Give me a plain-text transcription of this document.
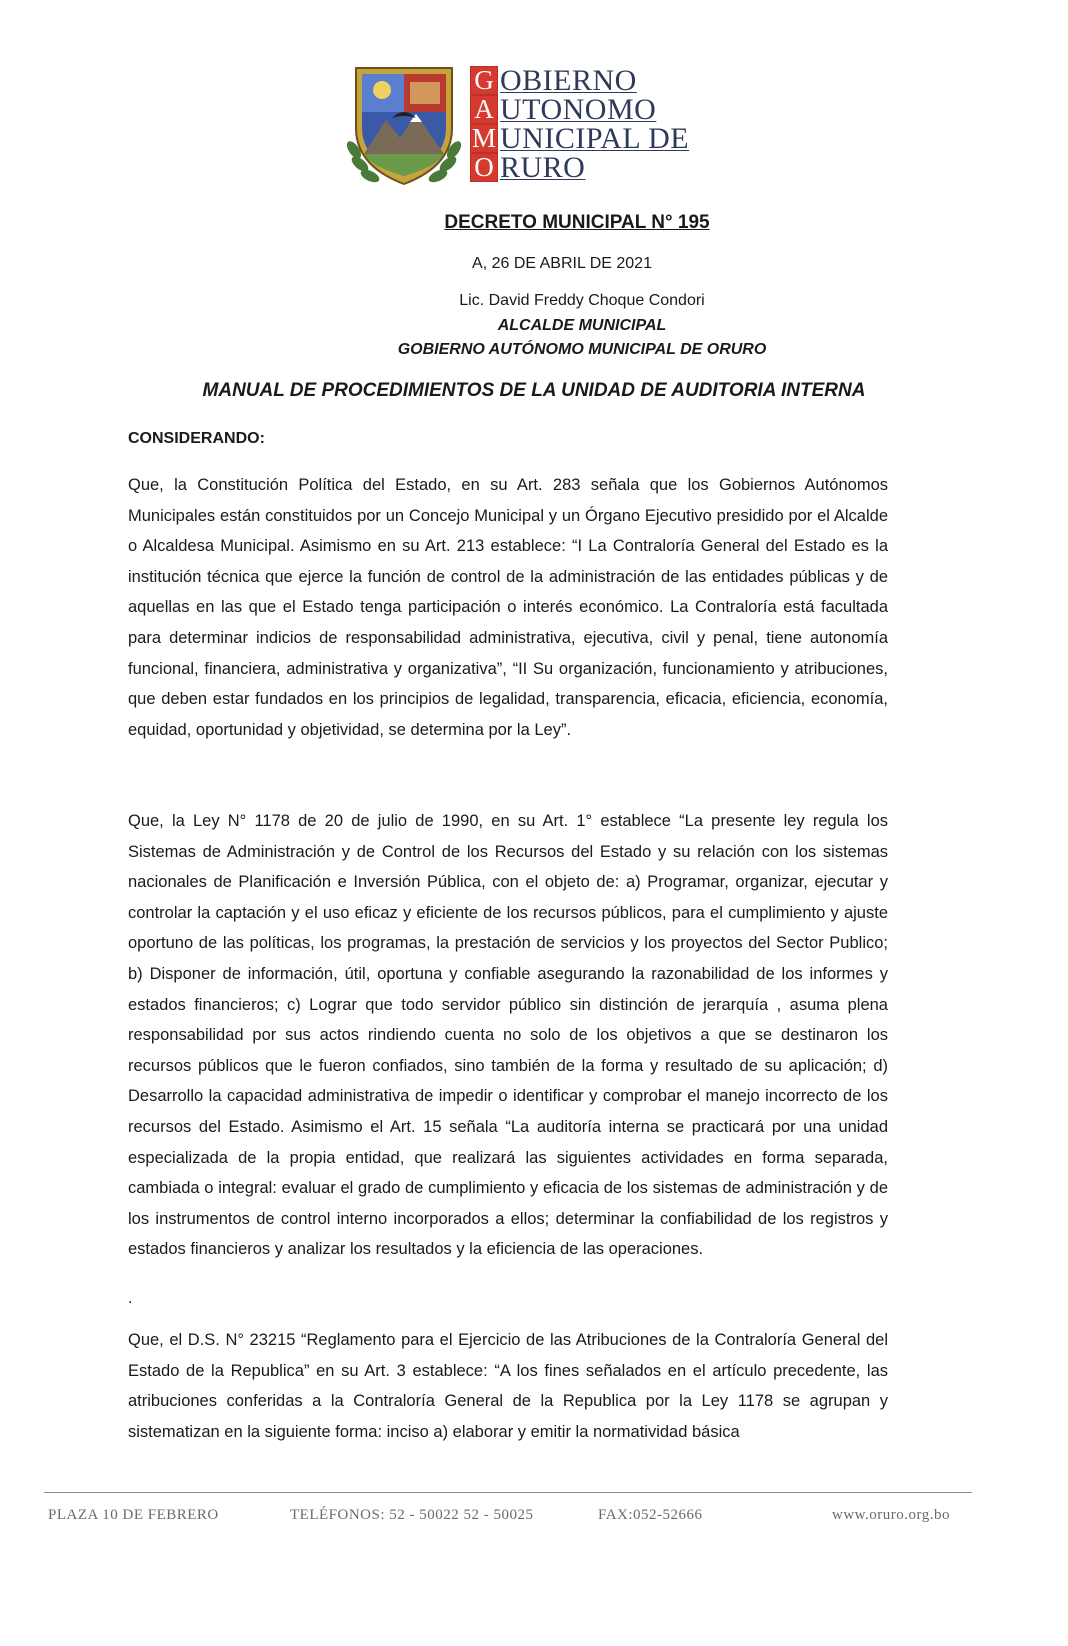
G OBIERNO
A UTONOMO
M UNICIPAL DE
O RURO
DECRETO MUNICIPAL N° 195
A, 26 DE ABRIL DE 2021
Lic. David Freddy Choque Condori
ALCALDE MUNICIPAL
GOBIERNO AUTÓNOMO MUNICIPAL DE ORURO
MANUAL DE PROCEDIMIENTOS DE LA UNIDAD DE AUDITORIA INTERNA
CONSIDERANDO:

Que, la Constitución Política del Estado, en su Art. 283 señala que los Gobiernos Autónomos Municipales están constituidos por un Concejo Municipal y un Órgano Ejecutivo presidido por el Alcalde o Alcaldesa Municipal. Asimismo en su Art. 213 establece: “I La Contraloría General del Estado es la institución técnica que ejerce la función de control de la administración de las entidades públicas y de aquellas en las que el Estado tenga participación o interés económico. La Contraloría está facultada para determinar indicios de responsabilidad administrativa, ejecutiva, civil y penal, tiene autonomía funcional, financiera, administrativa y organizativa”, “II Su organización, funcionamiento y atribuciones, que deben estar fundados en los principios de legalidad, transparencia, eficacia, eficiencia, economía, equidad, oportunidad y objetividad, se determina por la Ley”.

Que, la Ley N° 1178 de 20 de julio de 1990, en su Art. 1° establece “La presente ley regula los Sistemas de Administración y de Control de los Recursos del Estado y su relación con los sistemas nacionales de Planificación e Inversión Pública, con el objeto de: a) Programar, organizar, ejecutar y controlar la captación y el uso eficaz y eficiente de los recursos públicos, para el cumplimiento y ajuste oportuno de las políticas, los programas, la prestación de servicios y los proyectos del Sector Publico; b) Disponer de información, útil, oportuna y confiable asegurando la razonabilidad de los informes y estados financieros; c) Lograr que todo servidor público sin distinción de jerarquía , asuma plena responsabilidad por sus actos rindiendo cuenta no solo de los objetivos a que se destinaron los recursos públicos que le fueron confiados, sino también de la forma y resultado de su aplicación; d) Desarrollo la capacidad administrativa de impedir o identificar y comprobar el manejo incorrecto de los recursos del Estado. Asimismo el Art. 15 señala “La auditoría interna se practicará por una unidad especializada de la propia entidad, que realizará las siguientes actividades en forma separada, cambiada o integral: evaluar el grado de cumplimiento y eficacia de los sistemas de administración y de los instrumentos de control interno incorporados a ellos; determinar la confiabilidad de los registros y estados financieros y analizar los resultados y la eficiencia de las operaciones.

.

Que, el D.S. N° 23215 “Reglamento para el Ejercicio de las Atribuciones de la Contraloría General del Estado de la Republica” en su Art. 3 establece: “A los fines señalados en el artículo precedente, las atribuciones conferidas a la Contraloría General de la Republica por la Ley 1178 se agrupan y sistematizan en la siguiente forma: inciso a) elaborar y emitir la normatividad básica

PLAZA 10 DE FEBRERO	TELÉFONOS: 52 - 50022 52 - 50025	FAX:052-52666	www.oruro.org.bo
